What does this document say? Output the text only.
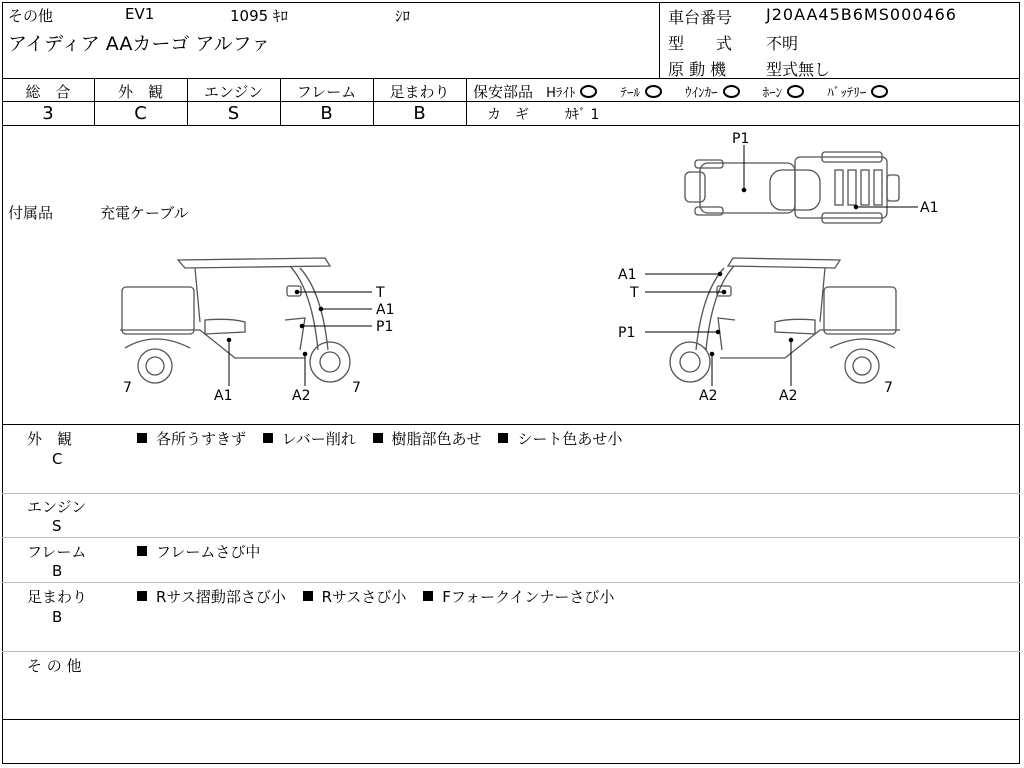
その他	EV1	1095 ｷﾛ	ｼﾛ
アイディア AAカーゴ アルファ
車台番号 J20AA45B6MS000466
型　　式 不明
原 動 機 型式無し
総　合	外　観	エンジン	フレーム	足まわり
3	C	S	B	B
保安部品 Hﾗｲﾄ	ﾃｰﾙ	ｳｲﾝｶｰ	ﾎｰﾝ	ﾊﾞｯﾃﾘｰ
カ　ギ	ｶｷﾞ 1
付属品	充電ケーブル
P1
A1
T
A1
P1
7	A1	A2	7
A1
T
P1
A2	A2	7
外　観
C
各所うすきず レバー削れ 樹脂部色あせ シート色あせ小
エンジン
S
フレーム
B
フレームさび中
足まわり
B
Rサス摺動部さび小 Rサスさび小 Fフォークインナーさび小
そ の 他
